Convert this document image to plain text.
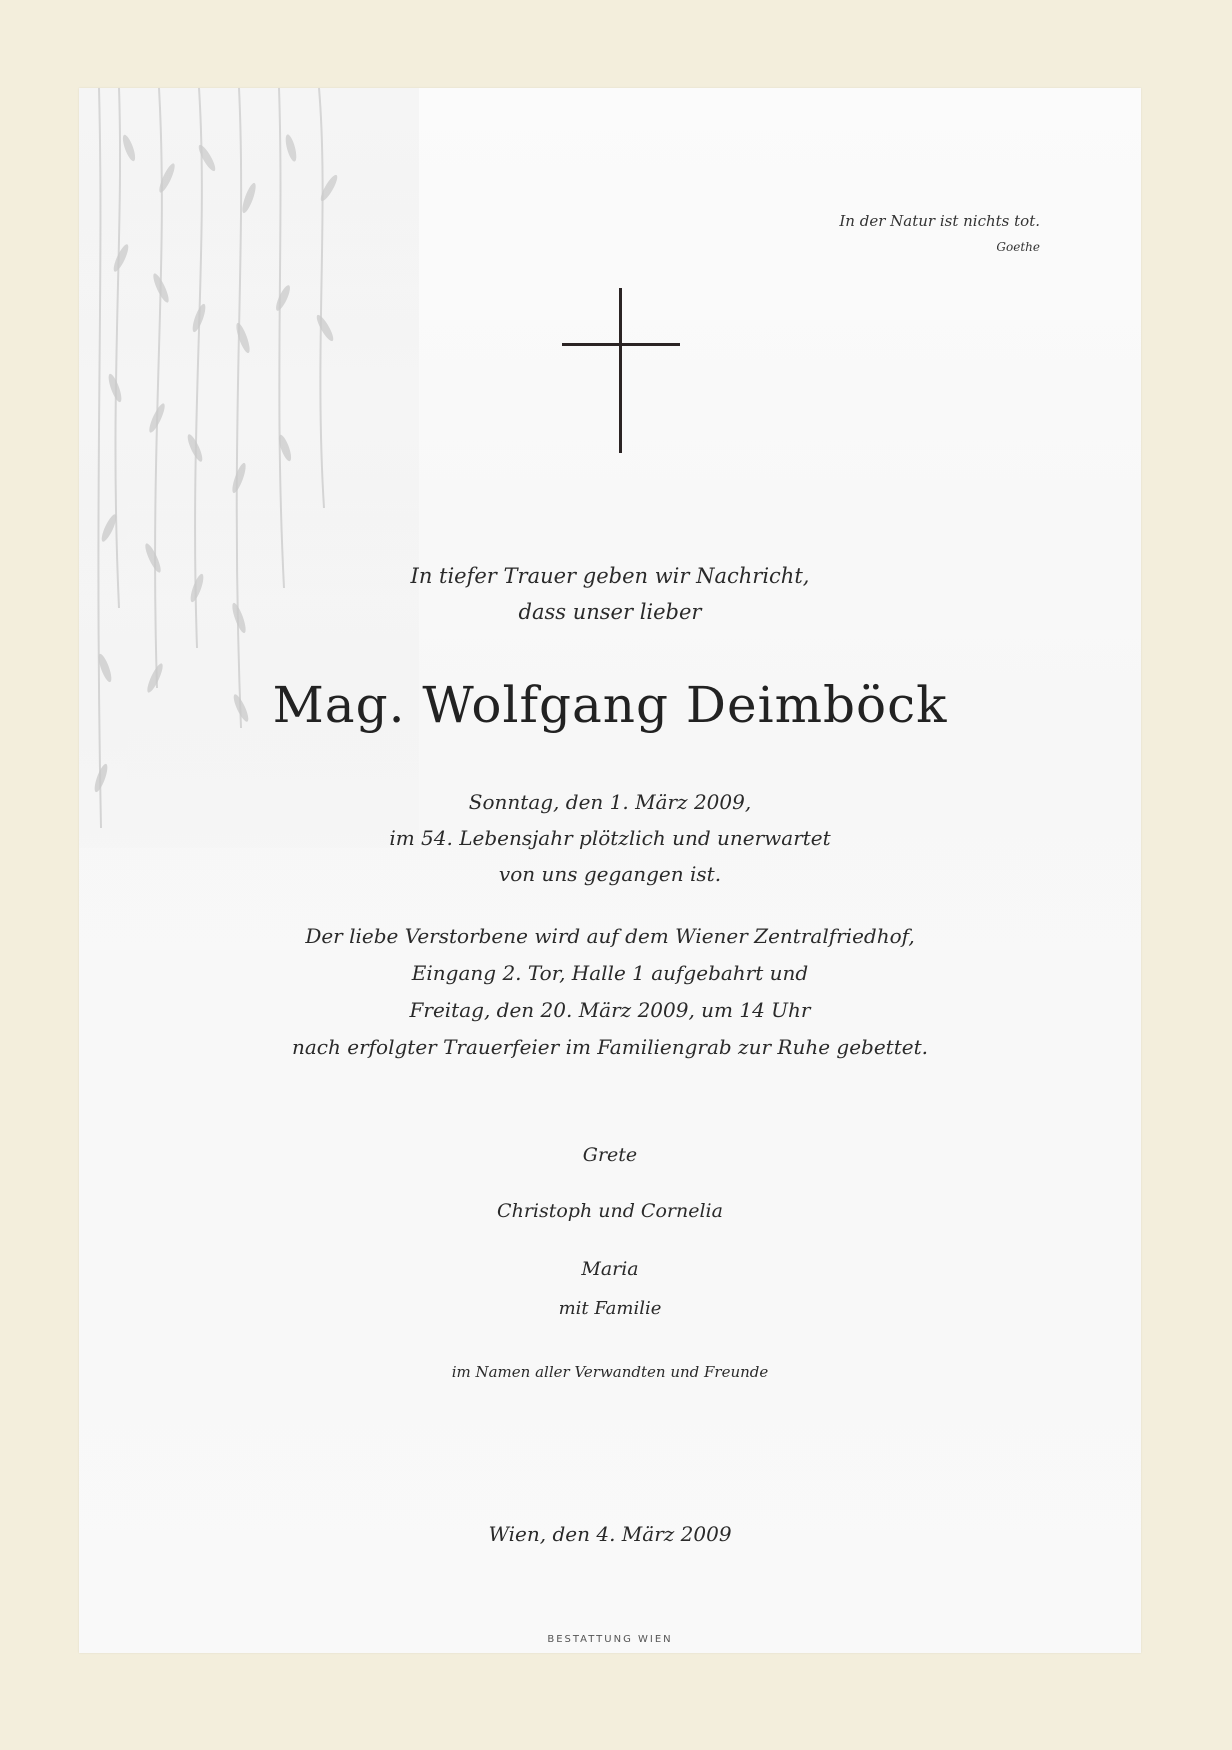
In der Natur ist nichts tot.
Goethe
In tiefer Trauer geben wir Nachricht,
dass unser lieber
Mag. Wolfgang Deimböck
Sonntag, den 1. März 2009,
im 54. Lebensjahr plötzlich und unerwartet
von uns gegangen ist.
Der liebe Verstorbene wird auf dem Wiener Zentralfriedhof,
Eingang 2. Tor, Halle 1 aufgebahrt und
Freitag, den 20. März 2009, um 14 Uhr
nach erfolgter Trauerfeier im Familiengrab zur Ruhe gebettet.
Grete
Christoph und Cornelia
Maria
mit Familie
im Namen aller Verwandten und Freunde
Wien, den 4. März 2009
BESTATTUNG WIEN
